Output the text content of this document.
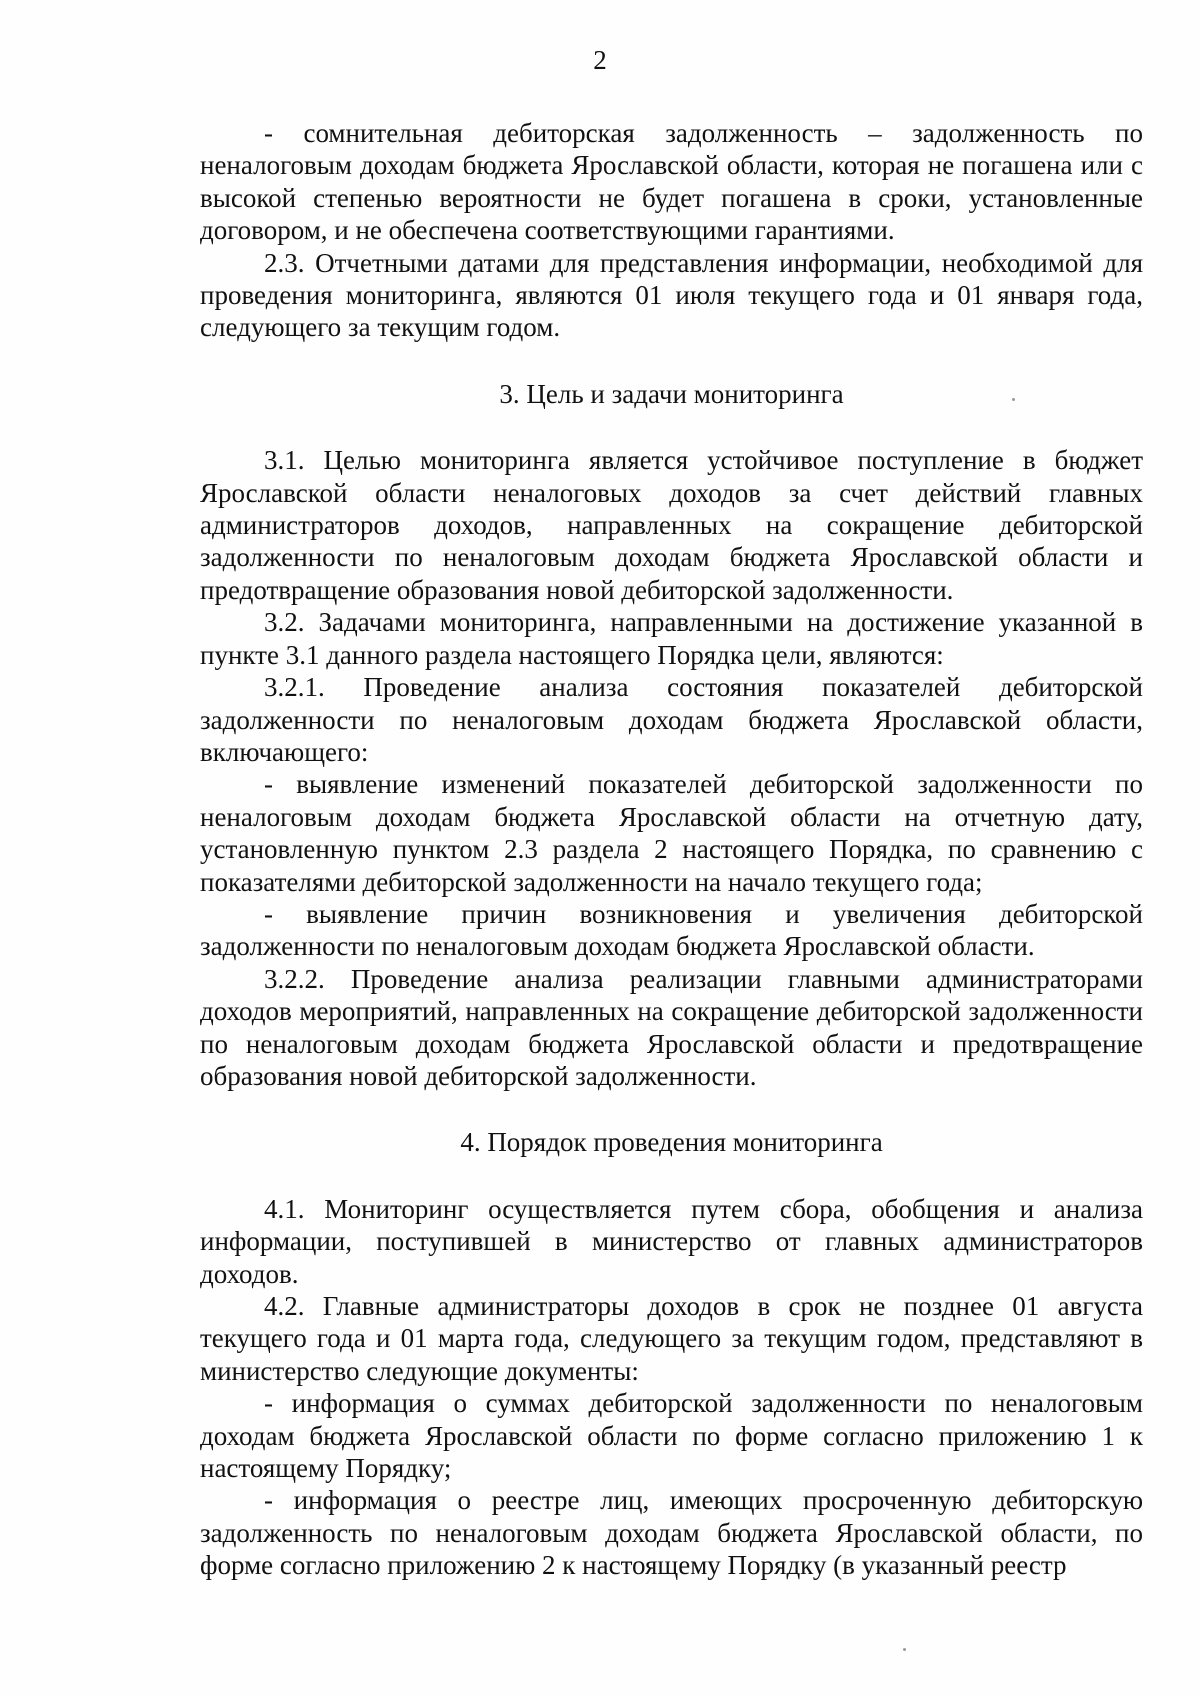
2

- сомнительная дебиторская задолженность – задолженность по неналоговым доходам бюджета Ярославской области, которая не погашена или с высокой степенью вероятности не будет погашена в сроки, установленные договором, и не обеспечена соответствующими гарантиями.

2.3. Отчетными датами для представления информации, необходимой для проведения мониторинга, являются 01 июля текущего года и 01 января года, следующего за текущим годом.

3. Цель и задачи мониторинга

3.1. Целью мониторинга является устойчивое поступление в бюджет Ярославской области неналоговых доходов за счет действий главных администраторов доходов, направленных на сокращение дебиторской задолженности по неналоговым доходам бюджета Ярославской области и предотвращение образования новой дебиторской задолженности.

3.2. Задачами мониторинга, направленными на достижение указанной в пункте 3.1 данного раздела настоящего Порядка цели, являются:

3.2.1. Проведение анализа состояния показателей дебиторской задолженности по неналоговым доходам бюджета Ярославской области, включающего:

- выявление изменений показателей дебиторской задолженности по неналоговым доходам бюджета Ярославской области на отчетную дату, установленную пунктом 2.3 раздела 2 настоящего Порядка, по сравнению с показателями дебиторской задолженности на начало текущего года;

- выявление причин возникновения и увеличения дебиторской задолженности по неналоговым доходам бюджета Ярославской области.

3.2.2. Проведение анализа реализации главными администраторами доходов мероприятий, направленных на сокращение дебиторской задолженности по неналоговым доходам бюджета Ярославской области и предотвращение образования новой дебиторской задолженности.

4. Порядок проведения мониторинга

4.1. Мониторинг осуществляется путем сбора, обобщения и анализа информации, поступившей в министерство от главных администраторов доходов.

4.2. Главные администраторы доходов в срок не позднее 01 августа текущего года и 01 марта года, следующего за текущим годом, представляют в министерство следующие документы:

- информация о суммах дебиторской задолженности по неналоговым доходам бюджета Ярославской области по форме согласно приложению 1 к настоящему Порядку;

- информация о реестре лиц, имеющих просроченную дебиторскую задолженность по неналоговым доходам бюджета Ярославской области, по форме согласно приложению 2 к настоящему Порядку (в указанный реестр
